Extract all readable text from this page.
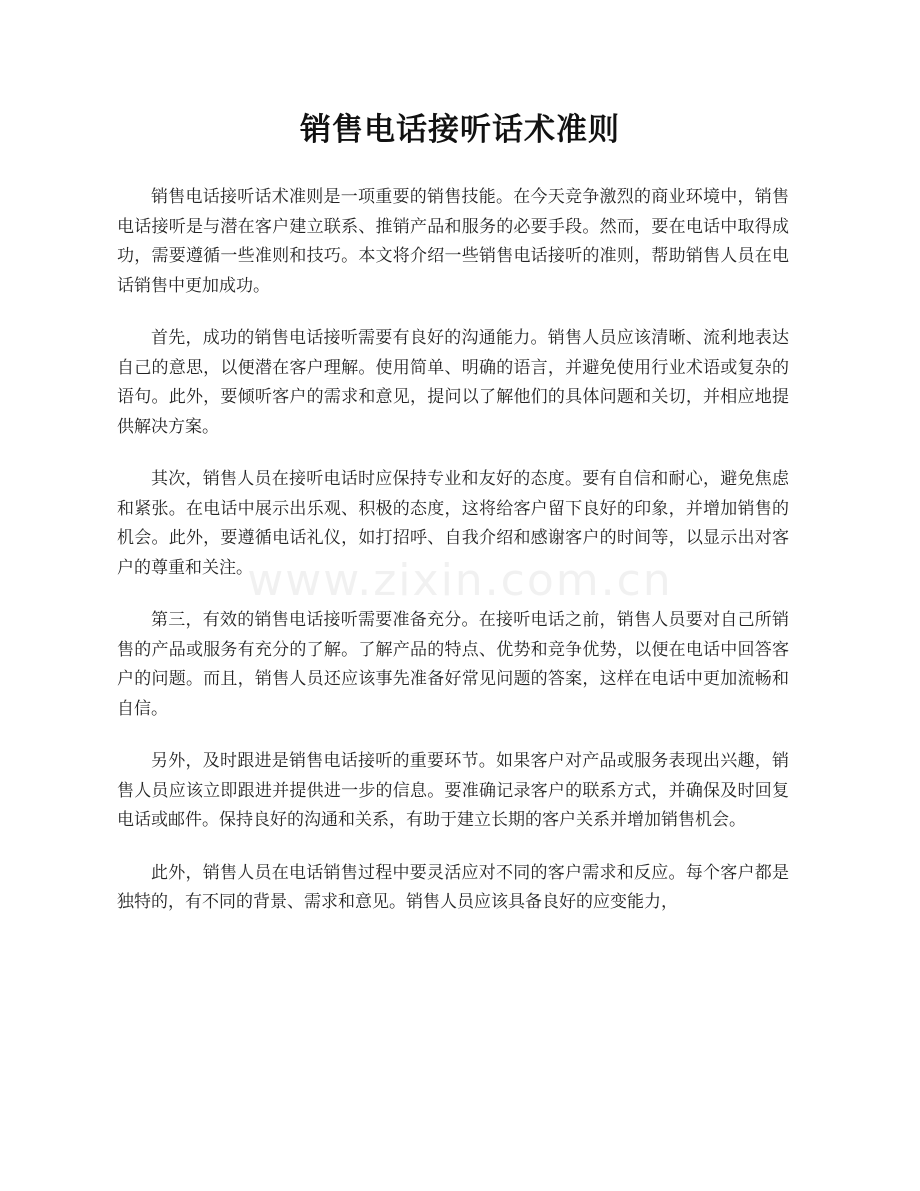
销售电话接听话术准则

销售电话接听话术准则是一项重要的销售技能。在今天竞争激烈的商业环境中，销售电话接听是与潜在客户建立联系、推销产品和服务的必要手段。然而，要在电话中取得成功，需要遵循一些准则和技巧。本文将介绍一些销售电话接听的准则，帮助销售人员在电话销售中更加成功。

首先，成功的销售电话接听需要有良好的沟通能力。销售人员应该清晰、流利地表达自己的意思，以便潜在客户理解。使用简单、明确的语言，并避免使用行业术语或复杂的语句。此外，要倾听客户的需求和意见，提问以了解他们的具体问题和关切，并相应地提供解决方案。

其次，销售人员在接听电话时应保持专业和友好的态度。要有自信和耐心，避免焦虑和紧张。在电话中展示出乐观、积极的态度，这将给客户留下良好的印象，并增加销售的机会。此外，要遵循电话礼仪，如打招呼、自我介绍和感谢客户的时间等，以显示出对客户的尊重和关注。

第三，有效的销售电话接听需要准备充分。在接听电话之前，销售人员要对自己所销售的产品或服务有充分的了解。了解产品的特点、优势和竞争优势，以便在电话中回答客户的问题。而且，销售人员还应该事先准备好常见问题的答案，这样在电话中更加流畅和自信。

另外，及时跟进是销售电话接听的重要环节。如果客户对产品或服务表现出兴趣，销售人员应该立即跟进并提供进一步的信息。要准确记录客户的联系方式，并确保及时回复电话或邮件。保持良好的沟通和关系，有助于建立长期的客户关系并增加销售机会。

此外，销售人员在电话销售过程中要灵活应对不同的客户需求和反应。每个客户都是独特的，有不同的背景、需求和意见。销售人员应该具备良好的应变能力，

www.zixin.com.cn
